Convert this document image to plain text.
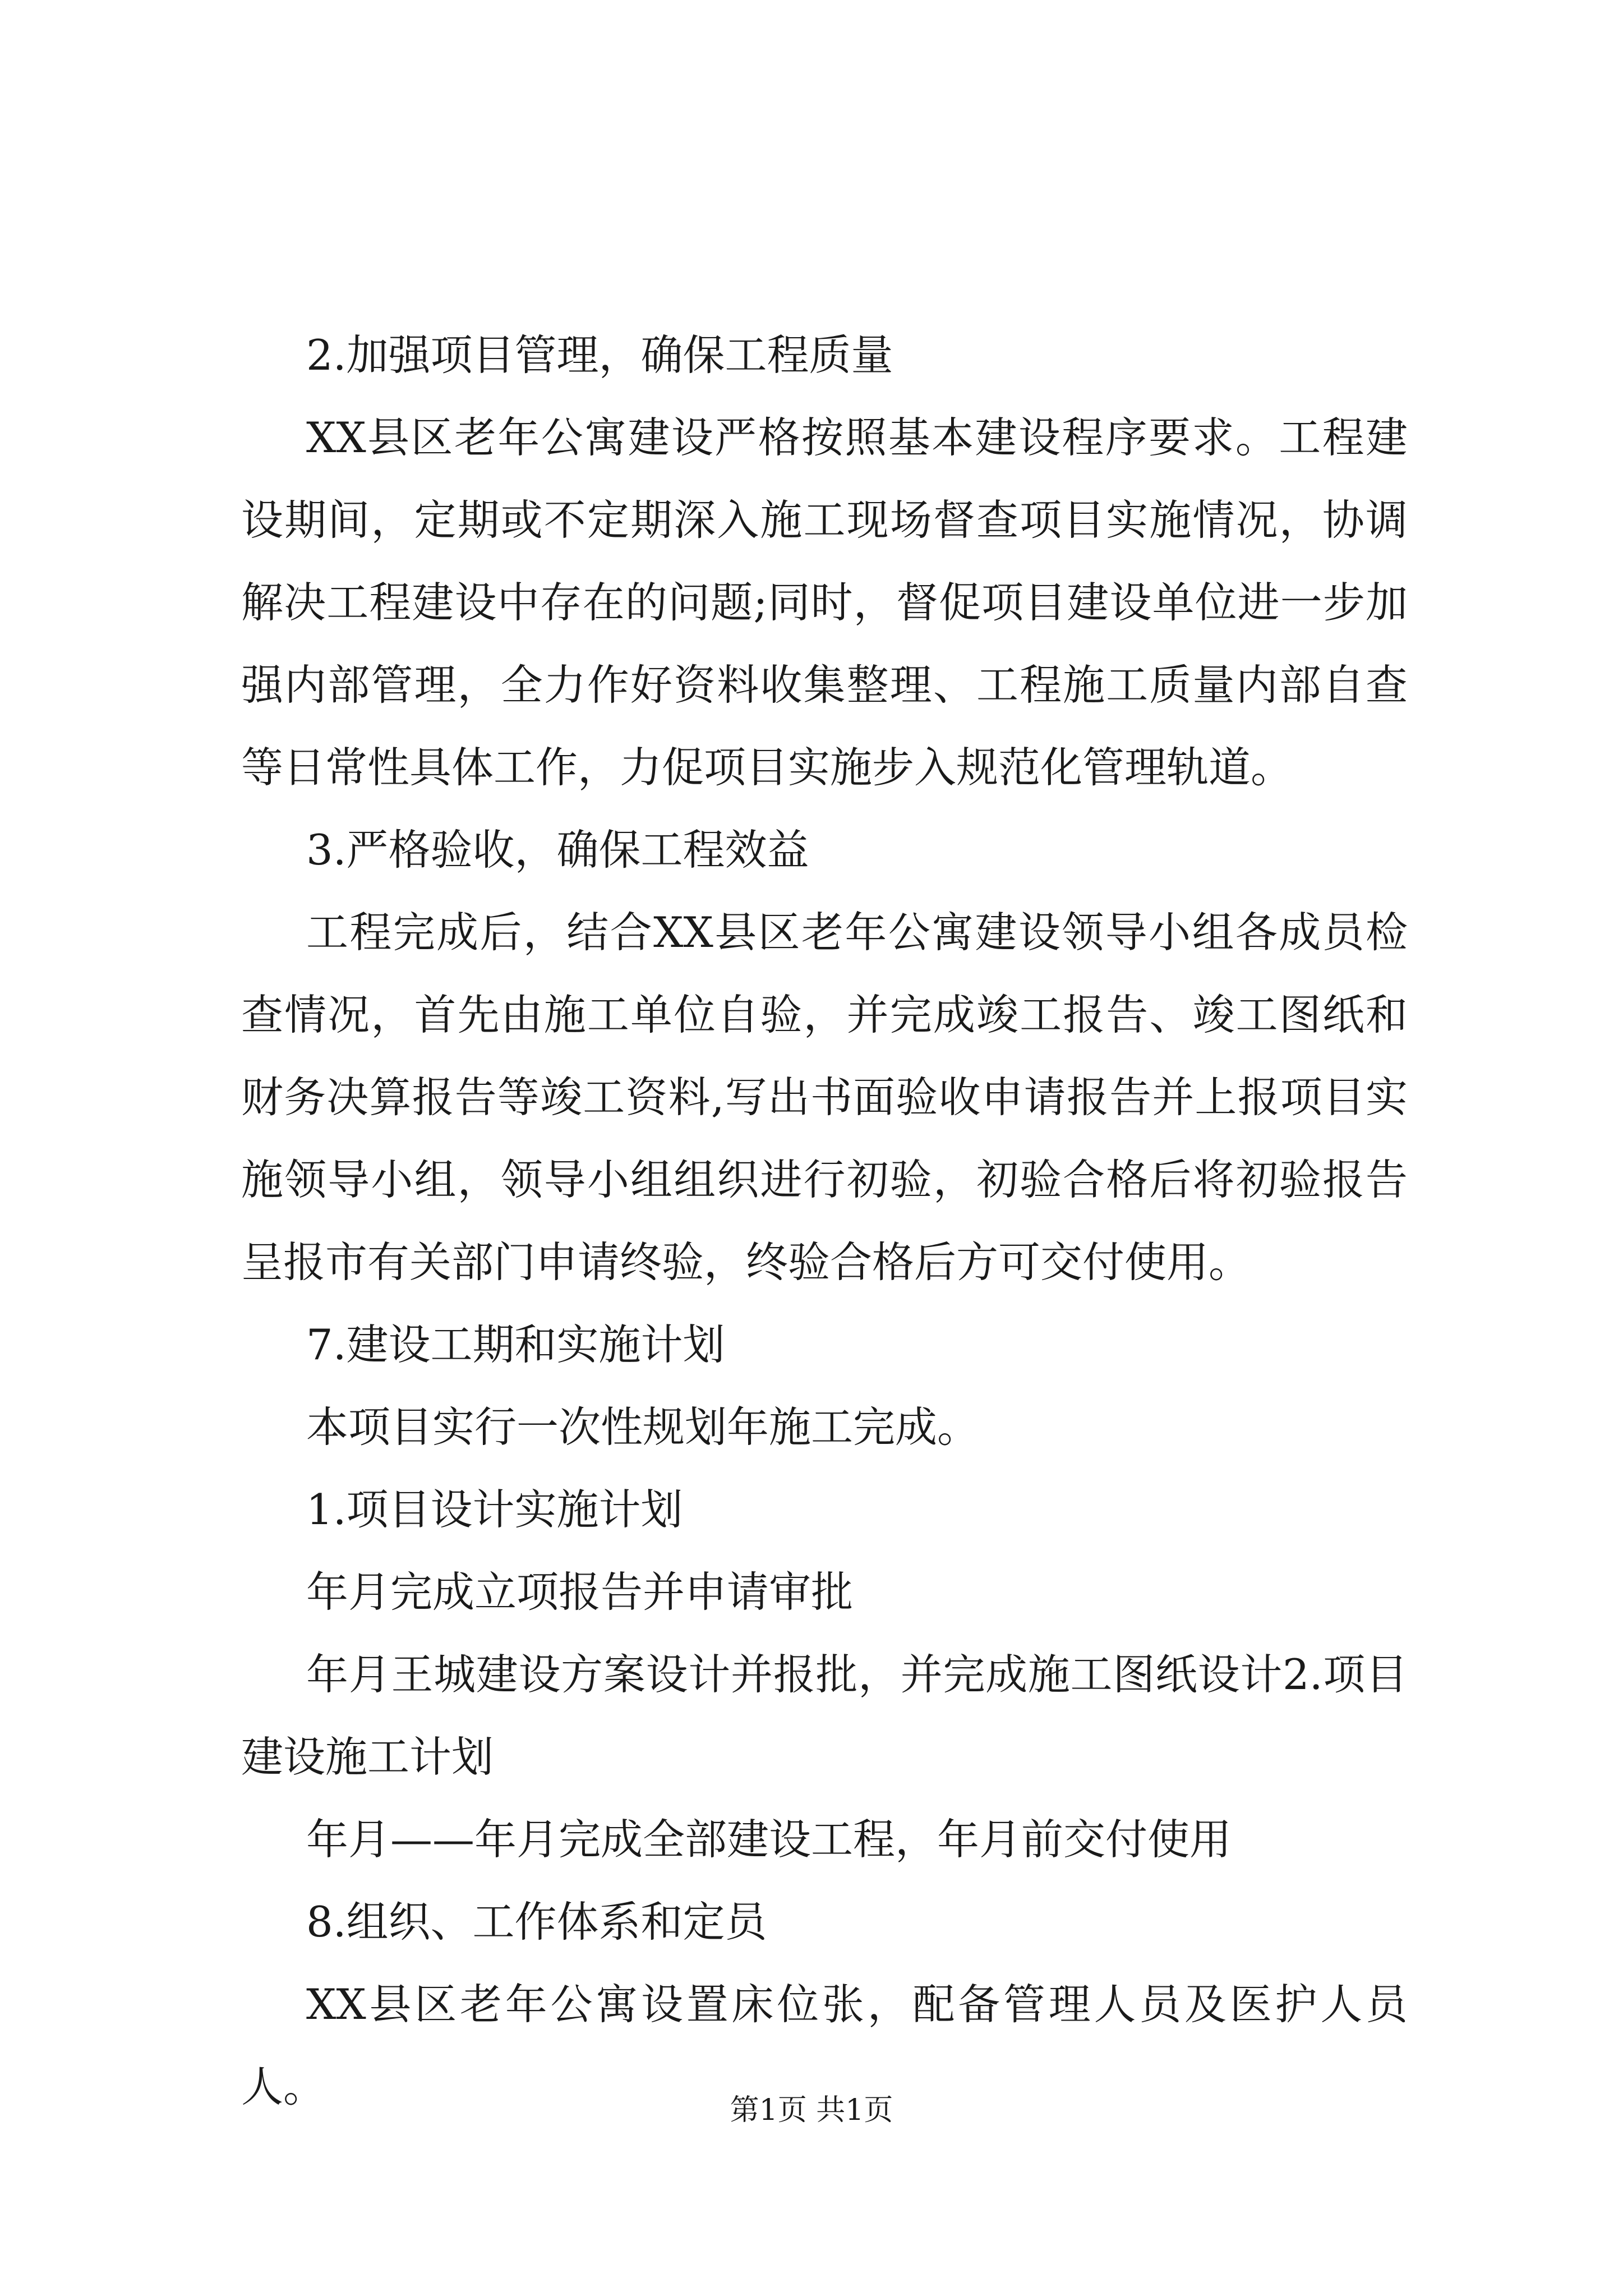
2.加强项目管理，确保工程质量

XX县区老年公寓建设严格按照基本建设程序要求。工程建设期间，定期或不定期深入施工现场督查项目实施情况，协调解决工程建设中存在的问题;同时，督促项目建设单位进一步加强内部管理，全力作好资料收集整理、工程施工质量内部自查等日常性具体工作，力促项目实施步入规范化管理轨道。

3.严格验收，确保工程效益

工程完成后，结合XX县区老年公寓建设领导小组各成员检查情况，首先由施工单位自验，并完成竣工报告、竣工图纸和财务决算报告等竣工资料,写出书面验收申请报告并上报项目实施领导小组，领导小组组织进行初验，初验合格后将初验报告呈报市有关部门申请终验，终验合格后方可交付使用。

7.建设工期和实施计划

本项目实行一次性规划年施工完成。

1.项目设计实施计划

年月完成立项报告并申请审批

年月王城建设方案设计并报批，并完成施工图纸设计2.项目建设施工计划

年月——年月完成全部建设工程，年月前交付使用

8.组织、工作体系和定员

XX县区老年公寓设置床位张，配备管理人员及医护人员人。	第1页 共1页
